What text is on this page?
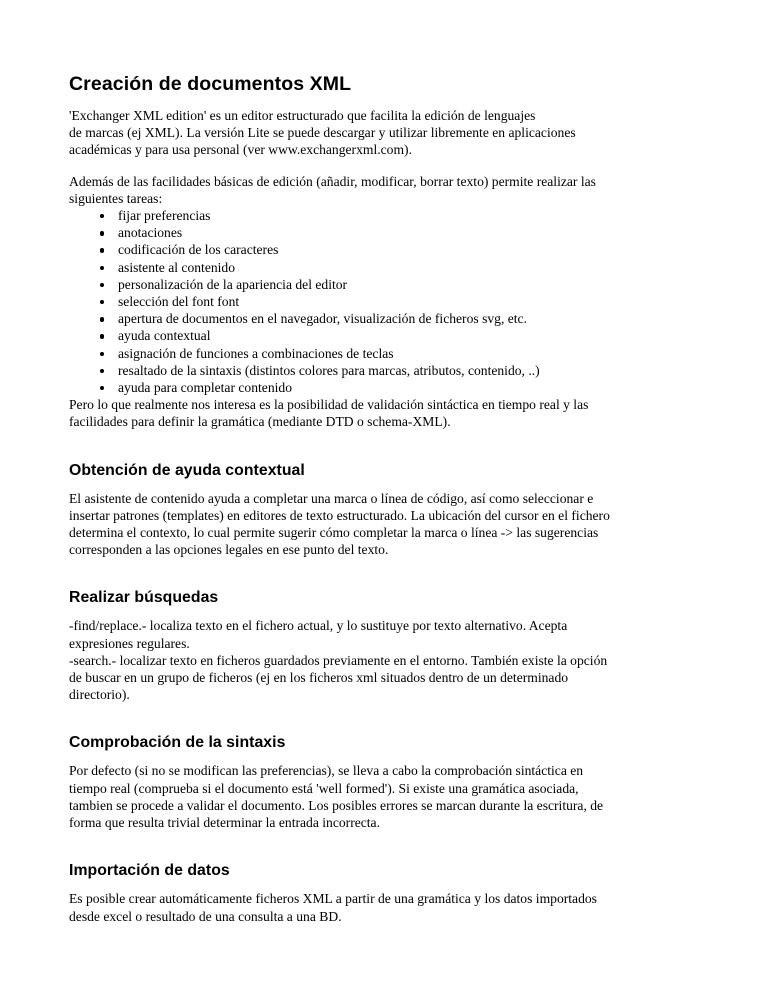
Creación de documentos XML

'Exchanger XML edition' es un editor estructurado que facilita la edición de lenguajes
de marcas (ej XML). La versión Lite se puede descargar y utilizar libremente en aplicaciones
académicas y para usa personal (ver www.exchangerxml.com).

Además de las facilidades básicas de edición (añadir, modificar, borrar texto) permite realizar las
siguientes tareas:

fijar preferencias
anotaciones
codificación de los caracteres
asistente al contenido
personalización de la apariencia del editor
selección del font font
apertura de documentos en el navegador, visualización de ficheros svg, etc.
ayuda contextual
asignación de funciones a combinaciones de teclas
resaltado de la sintaxis (distintos colores para marcas, atributos, contenido, ..)
ayuda para completar contenido

Pero lo que realmente nos interesa es la posibilidad de validación sintáctica en tiempo real y las
facilidades para definir la gramática (mediante DTD o schema-XML).

Obtención de ayuda contextual

El asistente de contenido ayuda a completar una marca o línea de código, así como seleccionar e
insertar patrones (templates) en editores de texto estructurado. La ubicación del cursor en el fichero
determina el contexto, lo cual permite sugerir cómo completar la marca o línea -> las sugerencias
corresponden a las opciones legales en ese punto del texto.

Realizar búsquedas

-find/replace.- localiza texto en el fichero actual, y lo sustituye por texto alternativo. Acepta
expresiones regulares.
-search.- localizar texto en ficheros guardados previamente en el entorno. También existe la opción
de buscar en un grupo de ficheros (ej en los ficheros xml situados dentro de un determinado
directorio).

Comprobación de la sintaxis

Por defecto (si no se modifican las preferencias), se lleva a cabo la comprobación sintáctica en
tiempo real (comprueba si el documento está 'well formed'). Si existe una gramática asociada,
tambien se procede a validar el documento. Los posibles errores se marcan durante la escritura, de
forma que resulta trivial determinar la entrada incorrecta.

Importación de datos

Es posible crear automáticamente ficheros XML a partir de una gramática y los datos importados
desde excel o resultado de una consulta a una BD.
